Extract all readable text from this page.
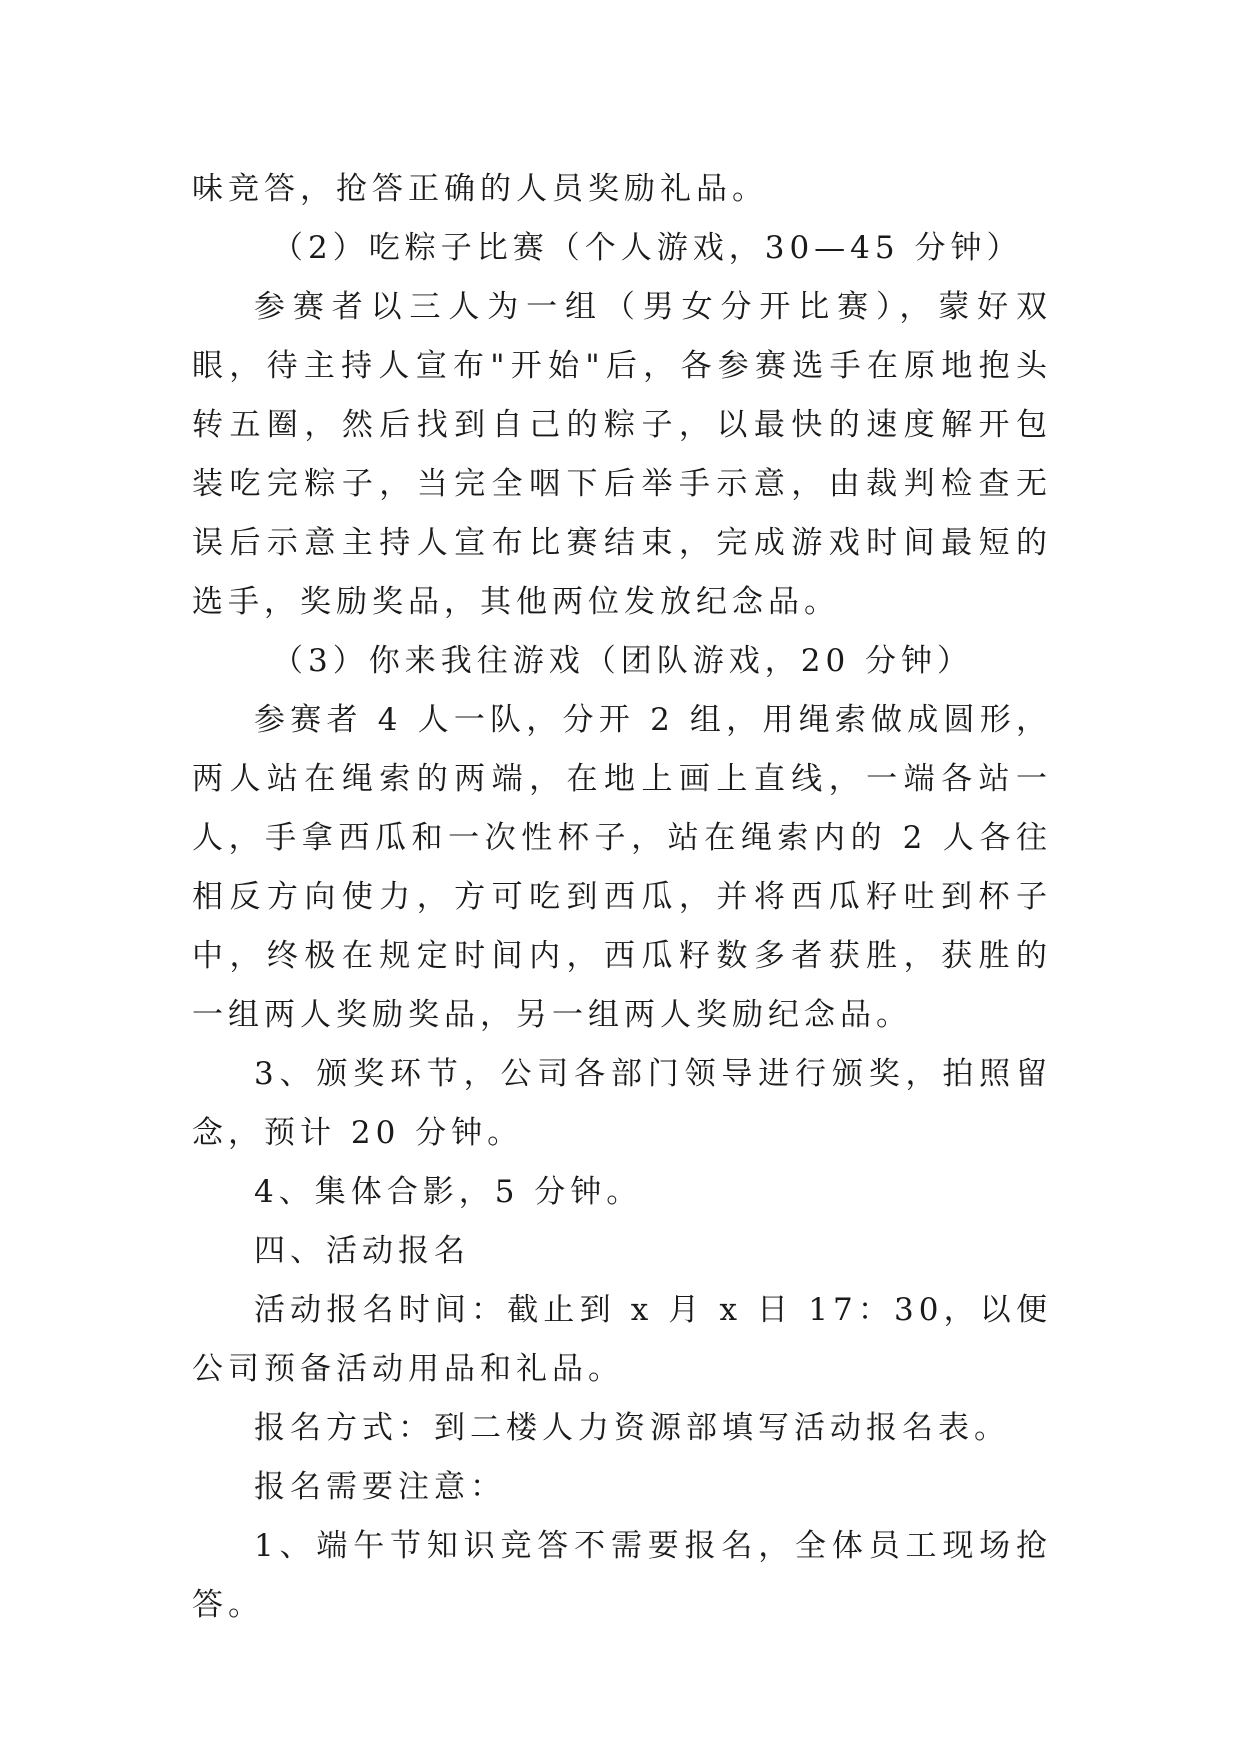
味竞答，抢答正确的人员奖励礼品。

（2）吃粽子比赛（个人游戏，30—45 分钟）

参赛者以三人为一组（男女分开比赛），蒙好双眼，待主持人宣布"开始"后，各参赛选手在原地抱头转五圈，然后找到自己的粽子，以最快的速度解开包装吃完粽子，当完全咽下后举手示意，由裁判检查无误后示意主持人宣布比赛结束，完成游戏时间最短的选手，奖励奖品，其他两位发放纪念品。

（3）你来我往游戏（团队游戏，20 分钟）

参赛者 4 人一队，分开 2 组，用绳索做成圆形，两人站在绳索的两端，在地上画上直线，一端各站一人，手拿西瓜和一次性杯子，站在绳索内的 2 人各往相反方向使力，方可吃到西瓜，并将西瓜籽吐到杯子中，终极在规定时间内，西瓜籽数多者获胜，获胜的一组两人奖励奖品，另一组两人奖励纪念品。

3、颁奖环节，公司各部门领导进行颁奖，拍照留念，预计 20 分钟。

4、集体合影，5 分钟。

四、活动报名

活动报名时间：截止到 x 月 x 日 17：30，以便公司预备活动用品和礼品。

报名方式：到二楼人力资源部填写活动报名表。

报名需要注意：

1、端午节知识竞答不需要报名，全体员工现场抢答。
